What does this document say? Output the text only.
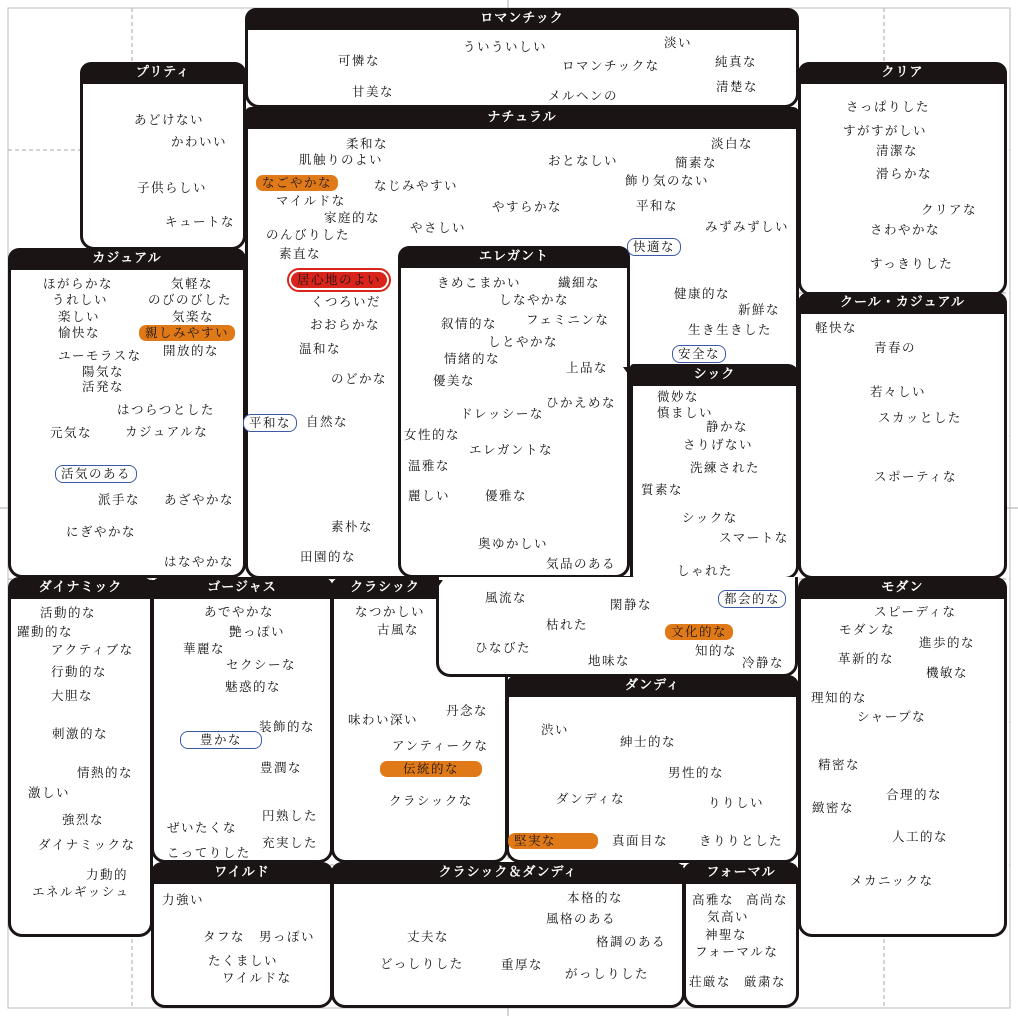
ロマンチック
プリティ	クリア
ナチュラル
カジュアル
クール・カジュアル
エレガント
シック
ダイナミック	ゴージャス	クラシック	モダン
ダンディ
ワイルド	クラシック＆ダンディ	フォーマル
可憐な
ういういしい	淡い
純真な
ロマンチックな
甘美な	メルヘンの
清楚な
あどけない
かわいい
子供らしい
キュートな
さっぱりした
すがすがしい
清潔な
滑らかな
クリアな
さわやかな
すっきりした
柔和な	淡白な
肌触りのよい	おとなしい	簡素な
なごやかな	なじみやすい	飾り気のない
マイルドな
家庭的な
やすらかな	平和な
のんびりした	やさしい	みずみずしい
素直な	快適な
居心地のよい
健康的な
くつろいだ
新鮮な
おおらかな	生き生きした
温和な	安全な
のどかな
平和な	自然な
素朴な
田園的な
ほがらかな	気軽な
うれしい	のびのびした
楽しい	気楽な
愉快な	親しみやすい
開放的な
ユーモラスな
陽気な
活発な
はつらつとした
元気な	カジュアルな
活気のある
派手な あざやかな
にぎやかな
はなやかな
きめこまかい	繊細な
しなやかな
叙情的な フェミニンな
しとやかな
情緒的な
上品な
優美な
ひかえめな
ドレッシーな
女性的な
エレガントな
温雅な
麗しい	優雅な
奥ゆかしい
気品のある
軽快な
青春の
若々しい
スカッとした
スポーティな
微妙な
慎ましい
静かな
さりげない
洗練された
質素な
シックな
スマートな
しゃれた
風流な	閑静な	都会的な
枯れた	文化的な
ひなびた	知的な
地味な	冷静な
活動的な
躍動的な
アクティブな
行動的な
大胆な
刺激的な
情熱的な
激しい
強烈な
ダイナミックな
力動的
エネルギッシュ
あでやかな
艶っぽい
華麗な
セクシーな
魅惑的な
装飾的な
豊かな
豊潤な
円熟した
ぜいたくな
充実した
こってりした
なつかしい
古風な
丹念な
味わい深い
アンティークな
伝統的な
クラシックな
スピーディな
モダンな
進歩的な
革新的な
機敏な
理知的な
シャープな
精密な
合理的な
緻密な
人工的な
メカニックな
渋い
紳士的な
男性的な
ダンディな	りりしい
堅実な	真面目な きりりとした
力強い
タフな 男っぽい
たくましい
ワイルドな
本格的な
風格のある
丈夫な	格調のある
どっしりした	重厚な
がっしりした
高雅な 高尚な
気高い
神聖な
フォーマルな
荘厳な 厳粛な
